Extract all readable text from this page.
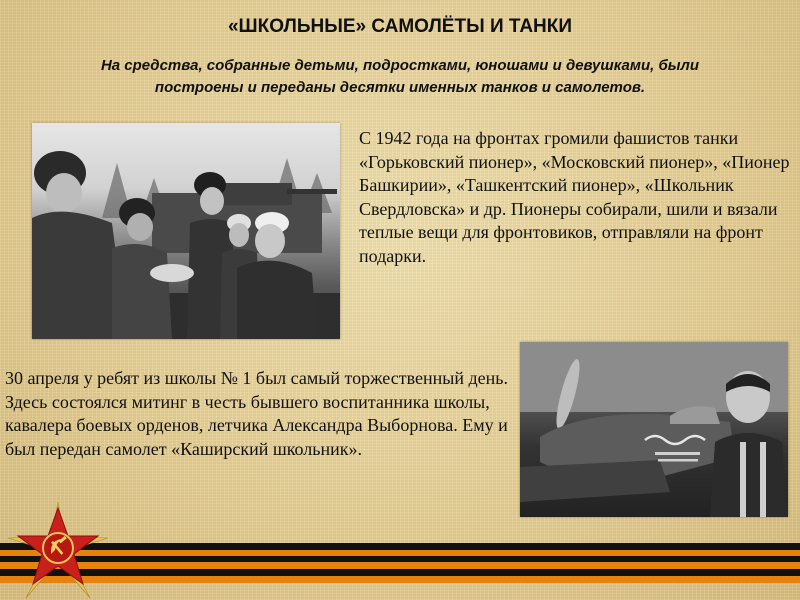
«ШКОЛЬНЫЕ» САМОЛЁТЫ И ТАНКИ
На средства, собранные детьми, подростками, юношами и девушками, были
построены и переданы десятки именных танков и самолетов.
С 1942 года на фронтах громили фашистов танки «Горьковский пионер», «Московский пионер», «Пионер Башкирии», «Ташкентский пионер», «Школьник Свердловска» и др. Пионеры собирали, шили и вязали теплые вещи для фронтовиков, отправляли на фронт подарки.
30 апреля у ребят из школы № 1 был самый торжественный день. Здесь состоялся митинг в честь бывшего воспитанника школы, кавалера боевых орденов, летчика Александра Выборнова. Ему и был передан самолет «Каширский школьник».
